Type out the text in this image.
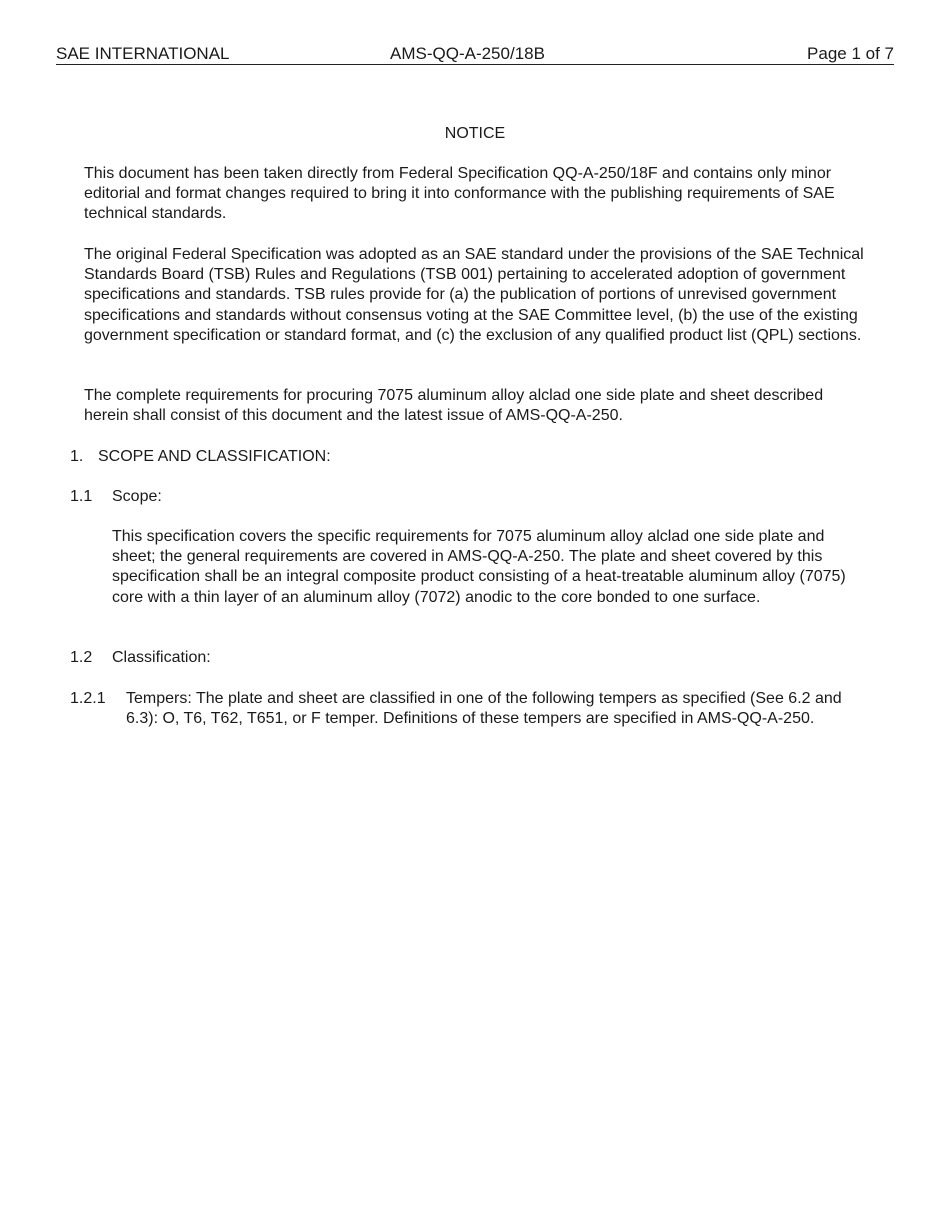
SAE INTERNATIONAL	AMS-QQ-A-250/18B	Page 1 of 7
NOTICE

This document has been taken directly from Federal Specification QQ-A-250/18F and contains only minor editorial and format changes required to bring it into conformance with the publishing requirements of SAE technical standards.

The original Federal Specification was adopted as an SAE standard under the provisions of the SAE Technical Standards Board (TSB) Rules and Regulations (TSB 001) pertaining to accelerated adoption of government specifications and standards. TSB rules provide for (a) the publication of portions of unrevised government specifications and standards without consensus voting at the SAE Committee level, (b) the use of the existing government specification or standard format, and (c) the exclusion of any qualified product list (QPL) sections.

The complete requirements for procuring 7075 aluminum alloy alclad one side plate and sheet described herein shall consist of this document and the latest issue of AMS-QQ-A-250.

1. SCOPE AND CLASSIFICATION:
1.1 Scope:

This specification covers the specific requirements for 7075 aluminum alloy alclad one side plate and sheet; the general requirements are covered in AMS-QQ-A-250. The plate and sheet covered by this specification shall be an integral composite product consisting of a heat-treatable aluminum alloy (7075) core with a thin layer of an aluminum alloy (7072) anodic to the core bonded to one surface.

1.2 Classification:
1.2.1 Tempers: The plate and sheet are classified in one of the following tempers as specified (See 6.2 and 6.3): O, T6, T62, T651, or F temper. Definitions of these tempers are specified in AMS-QQ-A-250.
